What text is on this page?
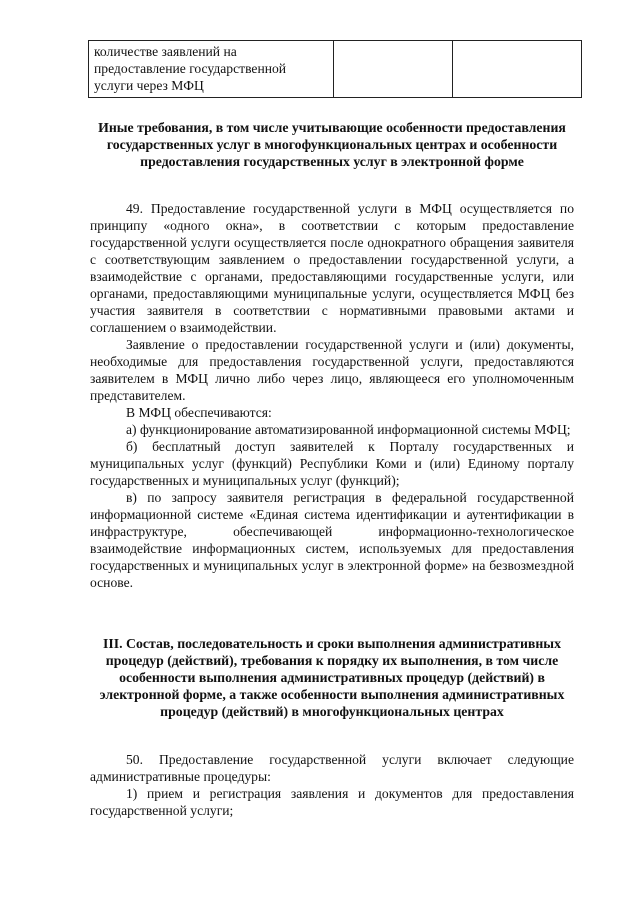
количестве заявлений на предоставление государственной услуги через МФЦ		
Иные требования, в том числе учитывающие особенности предоставления государственных услуг в многофункциональных центрах и особенности предоставления государственных услуг в электронной форме

49. Предоставление государственной услуги в МФЦ осуществляется по принципу «одного окна», в соответствии с которым предоставление государственной услуги осуществляется после однократного обращения заявителя с соответствующим заявлением о предоставлении государственной услуги, а взаимодействие с органами, предоставляющими государственные услуги, или органами, предоставляющими муниципальные услуги, осуществляется МФЦ без участия заявителя в соответствии с нормативными правовыми актами и соглашением о взаимодействии.

Заявление о предоставлении государственной услуги и (или) документы, необходимые для предоставления государственной услуги, предоставляются заявителем в МФЦ лично либо через лицо, являющееся его уполномоченным представителем.

В МФЦ обеспечиваются:

а) функционирование автоматизированной информационной системы МФЦ;

б) бесплатный доступ заявителей к Порталу государственных и муниципальных услуг (функций) Республики Коми и (или) Единому порталу государственных и муниципальных услуг (функций);

в) по запросу заявителя регистрация в федеральной государственной информационной системе «Единая система идентификации и аутентификации в инфраструктуре, обеспечивающей информационно-технологическое взаимодействие информационных систем, используемых для предоставления государственных и муниципальных услуг в электронной форме» на безвозмездной основе.

III. Состав, последовательность и сроки выполнения административных процедур (действий), требования к порядку их выполнения, в том числе особенности выполнения административных процедур (действий) в электронной форме, а также особенности выполнения административных процедур (действий) в многофункциональных центрах

50. Предоставление государственной услуги включает следующие административные процедуры:

1) прием и регистрация заявления и документов для предоставления государственной услуги;
